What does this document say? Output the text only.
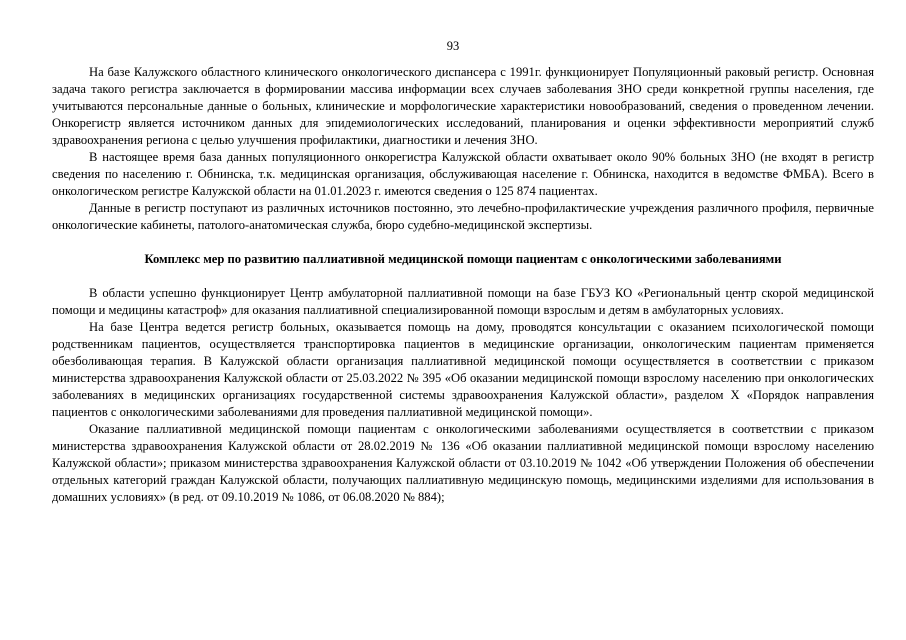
93

На базе Калужского областного клинического онкологического диспансера с 1991г. функционирует Популяционный раковый регистр. Основная задача такого регистра заключается в формировании массива информации всех случаев заболевания ЗНО среди конкретной группы населения, где учитываются персональные данные о больных, клинические и морфологические характеристики новообразований, сведения о проведенном лечении. Онкорегистр является источником данных для эпидемиологических исследований, планирования и оценки эффективности мероприятий служб здравоохранения региона с целью улучшения профилактики, диагностики и лечения ЗНО.

В настоящее время база данных популяционного онкорегистра Калужской области охватывает около 90% больных ЗНО (не входят в регистр сведения по населению г. Обнинска, т.к. медицинская организация, обслуживающая население г. Обнинска, находится в ведомстве ФМБА). Всего в онкологическом регистре Калужской области на 01.01.2023 г. имеются сведения о 125 874 пациентах.

Данные в регистр поступают из различных источников постоянно, это лечебно-профилактические учреждения различного профиля, первичные онкологические кабинеты, патолого-анатомическая служба, бюро судебно-медицинской экспертизы.

Комплекс мер по развитию паллиативной медицинской помощи пациентам с онкологическими заболеваниями

В области успешно функционирует Центр амбулаторной паллиативной помощи на базе ГБУЗ КО «Региональный центр скорой медицинской помощи и медицины катастроф» для оказания паллиативной специализированной помощи взрослым и детям в амбулаторных условиях.

На базе Центра ведется регистр больных, оказывается помощь на дому, проводятся консультации с оказанием психологической помощи родственникам пациентов, осуществляется транспортировка пациентов в медицинские организации, онкологическим пациентам применяется обезболивающая терапия. В Калужской области организация паллиативной медицинской помощи осуществляется в соответствии с приказом министерства здравоохранения Калужской области от 25.03.2022 № 395 «Об оказании медицинской помощи взрослому населению при онкологических заболеваниях в медицинских организациях государственной системы здравоохранения Калужской области», разделом X «Порядок направления пациентов с онкологическими заболеваниями для проведения паллиативной медицинской помощи».

Оказание паллиативной медицинской помощи пациентам с онкологическими заболеваниями осуществляется в соответствии с приказом министерства здравоохранения Калужской области от 28.02.2019 № 136 «Об оказании паллиативной медицинской помощи взрослому населению Калужской области»; приказом министерства здравоохранения Калужской области от 03.10.2019 № 1042 «Об утверждении Положения об обеспечении отдельных категорий граждан Калужской области, получающих паллиативную медицинскую помощь, медицинскими изделиями для использования в домашних условиях» (в ред. от 09.10.2019 № 1086, от 06.08.2020 № 884);
